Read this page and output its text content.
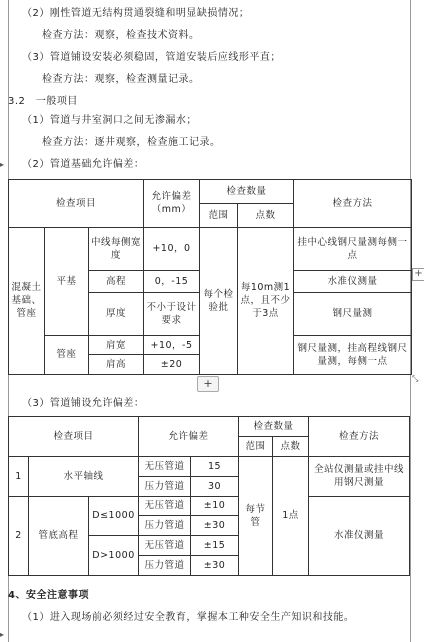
▸
▸
（2）刚性管道无结构贯通裂缝和明显缺损情况；
检查方法：观察，检查技术资料。
（3）管道铺设安装必须稳固，管道安装后应线形平直；
检查方法：观察，检查测量记录。
3.2　一般项目
（1）管道与井室洞口之间无渗漏水；
检查方法：逐井观察，检查施工记录。
（2）管道基础允许偏差：
检查项目			允许偏差（mm）	检查数量		检查方法
				范围	点数	
混凝土基础、管座	平基	中线每侧宽度	+10，0	每个检验批	每10m测1点，且不少于3点	挂中心线钢尺量测每侧一点
		高程	0，-15			水准仪测量
		厚度	不小于设计要求			钢尺量测
	管座	肩宽	+10，-5			钢尺量测，挂高程线钢尺量测，每侧一点
		肩高	±20			
+
+	⤡
（3）管道铺设允许偏差：
检查项目			允许偏差		检查数量		检查方法
					范围	点数	
1	水平轴线		无压管道	15	每节管	1点	全站仪测量或挂中线用钢尺测量
			压力管道	30			
2	管底高程	D≤1000	无压管道	±10			水准仪测量
			压力管道	±30			
		D>1000	无压管道	±15			
			压力管道	±30			
4、安全注意事项
（1）进入现场前必须经过安全教育，掌握本工种安全生产知识和技能。
